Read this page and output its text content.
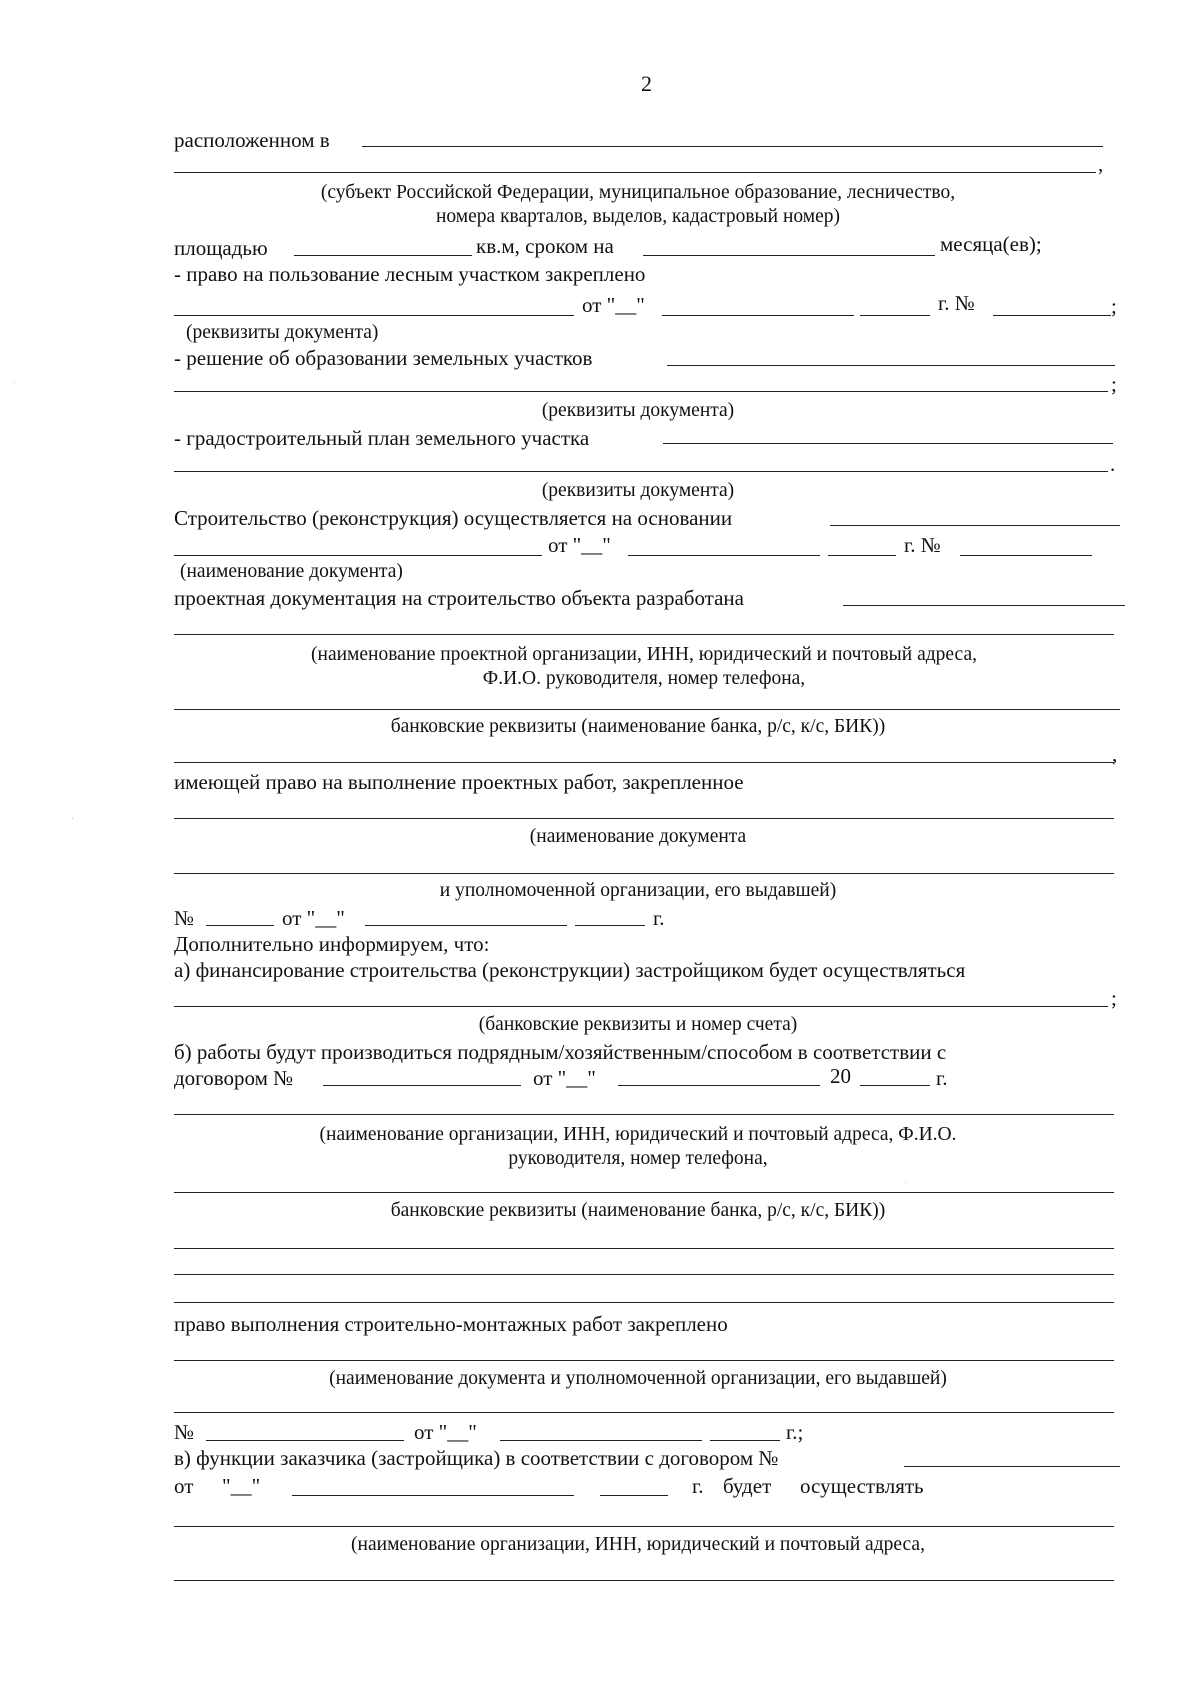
2
расположенном в
,
(субъект Российской Федерации, муниципальное образование, лесничество,
номера кварталов, выделов, кадастровый номер)
площадью	кв.м, сроком на	месяца(ев);
- право на пользование лесным участком закреплено
от "__"	г. №	;
(реквизиты документа)
- решение об образовании земельных участков
;
(реквизиты документа)
- градостроительный план земельного участка
.
(реквизиты документа)
Строительство (реконструкция) осуществляется на основании
от "__"	г. №
(наименование документа)
проектная документация на строительство объекта разработана
(наименование проектной организации, ИНН, юридический и почтовый адреса,
Ф.И.О. руководителя, номер телефона,
банковские реквизиты (наименование банка, р/с, к/с, БИК))
,
имеющей право на выполнение проектных работ, закрепленное
(наименование документа
и уполномоченной организации, его выдавшей)
№	от "__"	г.
Дополнительно информируем, что:
а) финансирование строительства (реконструкции) застройщиком будет осуществляться
;
(банковские реквизиты и номер счета)
б) работы будут производиться подрядным/хозяйственным/способом в соответствии с
договором №	от "__"	20	г.
(наименование организации, ИНН, юридический и почтовый адреса, Ф.И.О.
руководителя, номер телефона,
банковские реквизиты (наименование банка, р/с, к/с, БИК))
право выполнения строительно-монтажных работ закреплено
(наименование документа и уполномоченной организации, его выдавшей)
№	от "__"	г.;
в) функции заказчика (застройщика) в соответствии с договором №
от "__"	г. будет осуществлять
(наименование организации, ИНН, юридический и почтовый адреса,
